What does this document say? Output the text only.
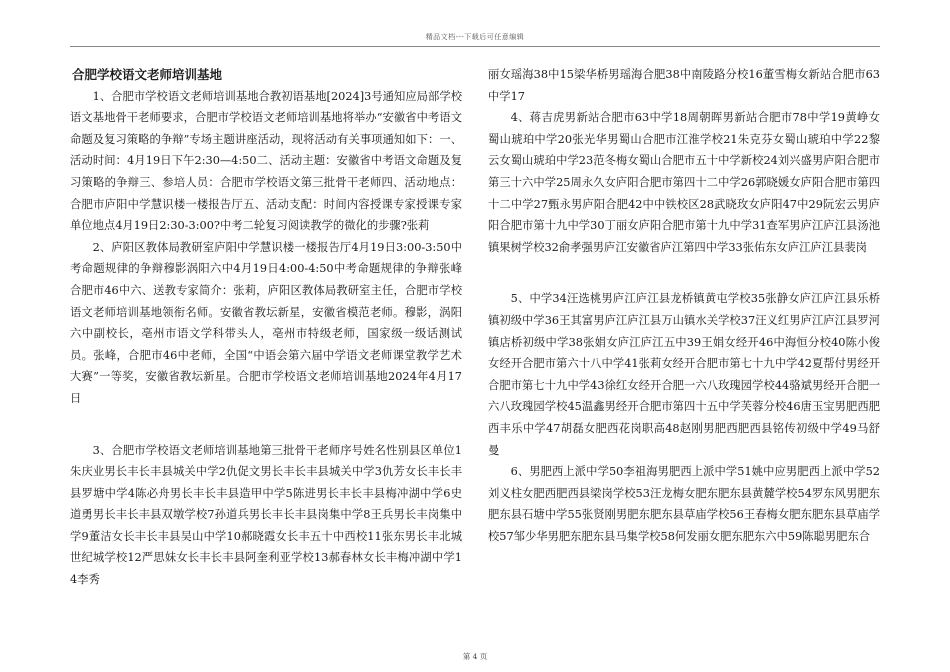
精品文档---下载后可任意编辑
合肥学校语文老师培训基地

1、合肥市学校语文老师培训基地合教初语基地[2024]3号通知应局部学校语文基地骨干老师要求，合肥市学校语文老师培训基地将举办“安徽省中考语文命题及复习策略的争辩”专场主题讲座活动，现将活动有关事项通知如下：一、活动时间：4月19日下午2:30—4:50二、活动主题：安徽省中考语文命题及复习策略的争辩三、参培人员：合肥市学校语文第三批骨干老师四、活动地点：合肥市庐阳中学慧识楼一楼报告厅五、活动支配：时间内容授课专家授课专家单位地点4月19日2:30-3:00?中考二轮复习阅读教学的微化的步骤?张莉

2、庐阳区教体局教研室庐阳中学慧识楼一楼报告厅4月19日3:00-3:50中考命题规律的争辩穆影涡阳六中4月19日4:00-4:50中考命题规律的争辩张峰合肥市46中六、送教专家简介：张莉，庐阳区教体局教研室主任，合肥市学校语文老师培训基地领衔名师。安徽省教坛新星，安徽省模范老师。穆影，涡阳六中副校长，亳州市语文学科带头人，亳州市特级老师，国家级一级话测试员。张峰，合肥市46中老师，全国“中语会第六届中学语文老师课堂教学艺术大赛”一等奖，安徽省教坛新星。合肥市学校语文老师培训基地2024年4月17日

3、合肥市学校语文老师培训基地第三批骨干老师序号姓名性别县区单位1朱庆业男长丰长丰县城关中学2仇促文男长丰长丰县城关中学3仇芳女长丰长丰县罗塘中学4陈必舟男长丰长丰县造甲中学5陈进男长丰长丰县梅冲湖中学6史道勇男长丰长丰县双墩学校7孙道兵男长丰长丰县岗集中学8王兵男长丰岗集中学9董洁女长丰长丰县吴山中学10郝晓霞女长丰五十中西校11张东男长丰北城世纪城学校12严思妹女长丰长丰县阿奎利亚学校13郝春林女长丰梅冲湖中学14李秀

丽女瑶海38中15梁华桥男瑶海合肥38中南陵路分校16董雪梅女新站合肥市63中学17

4、蒋吉虎男新站合肥市63中学18周朝晖男新站合肥市78中学19黄峥女蜀山琥珀中学20张光华男蜀山合肥市江淮学校21朱克芬女蜀山琥珀中学22黎云女蜀山琥珀中学23范冬梅女蜀山合肥市五十中学新校24刘兴盛男庐阳合肥市第三十六中学25周永久女庐阳合肥市第四十二中学26郭晓媛女庐阳合肥市第四十二中学27甄永男庐阳合肥42中中铁校区28武晓玫女庐阳47中29阮宏云男庐阳合肥市第十九中学30丁丽女庐阳合肥市第十九中学31查军男庐江庐江县汤池镇果树学校32俞孝强男庐江安徽省庐江第四中学33张佑东女庐江庐江县裴岗

5、中学34汪选桃男庐江庐江县龙桥镇黄屯学校35张静女庐江庐江县乐桥镇初级中学36王其富男庐江庐江县万山镇水关学校37汪义红男庐江庐江县罗河镇店桥初级中学38张娟女庐江庐江五中39王娟女经开46中海恒分校40陈小俊女经开合肥市第六十八中学41张莉女经开合肥市第七十九中学42夏帮付男经开合肥市第七十九中学43徐红女经开合肥一六八玫瑰园学校44骆斌男经开合肥一六八玫瑰园学校45温鑫男经开合肥市第四十五中学芙蓉分校46唐玉宝男肥西肥西丰乐中学47胡磊女肥西花岗职高48赵刚男肥西肥西县铭传初级中学49马舒曼

6、男肥西上派中学50李祖海男肥西上派中学51姚中应男肥西上派中学52刘义柱女肥西肥西县梁岗学校53汪龙梅女肥东肥东县黄麓学校54罗东风男肥东肥东县石塘中学55张贤刚男肥东肥东县草庙学校56王春梅女肥东肥东县草庙学校57邹少华男肥东肥东县马集学校58何发丽女肥东肥东六中59陈聪男肥东合

第 4 页
